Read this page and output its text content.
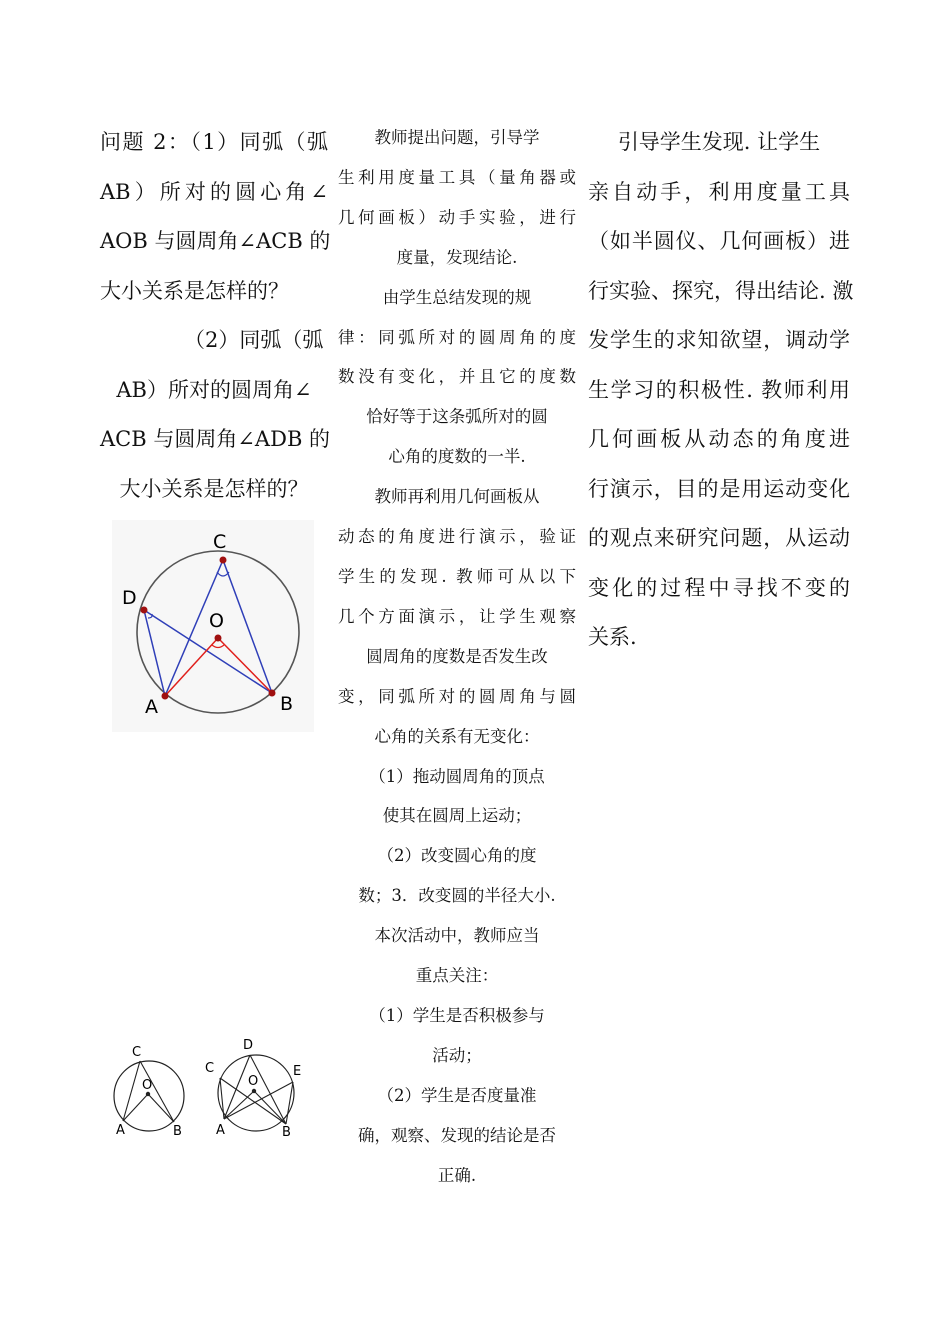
问题 2：（1）同弧（弧
AB）所对的圆心角∠
AOB 与圆周角∠ACB 的
大小关系是怎样的？
（2）同弧（弧
AB）所对的圆周角∠
ACB 与圆周角∠ADB 的
大小关系是怎样的？
C
D
O
A	B
C
O
A	B
C
D
E
O
A	B
教师提出问题，引导学
生利用度量工具（量角器或
几何画板）动手实验，进行
度量，发现结论.
由学生总结发现的规
律：同弧所对的圆周角的度
数没有变化，并且它的度数
恰好等于这条弧所对的圆
心角的度数的一半.
教师再利用几何画板从
动态的角度进行演示，验证
学生的发现. 教师可从以下
几个方面演示，让学生观察
圆周角的度数是否发生改
变，同弧所对的圆周角与圆
心角的关系有无变化：
（1）拖动圆周角的顶点
使其在圆周上运动；
（2）改变圆心角的度
数；3．改变圆的半径大小.
本次活动中，教师应当
重点关注：
（1）学生是否积极参与
活动；
（2）学生是否度量准
确，观察、发现的结论是否
正确.
引导学生发现. 让学生
亲自动手，利用度量工具
（如半圆仪、几何画板）进
行实验、探究，得出结论. 激
发学生的求知欲望，调动学
生学习的积极性. 教师利用
几何画板从动态的角度进
行演示，目的是用运动变化
的观点来研究问题，从运动
变化的过程中寻找不变的
关系.
